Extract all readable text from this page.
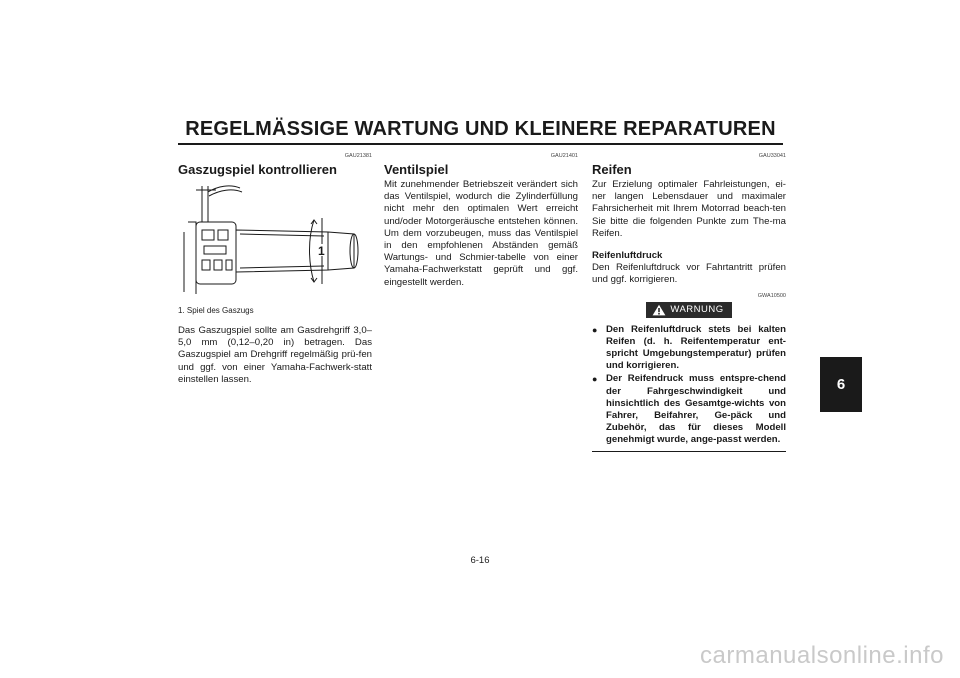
REGELMÄSSIGE WARTUNG UND KLEINERE REPARATUREN
6
GAU21381
Gaszugspiel kontrollieren
1
1. Spiel des Gaszugs

Das Gaszugspiel sollte am Gasdrehgriff 3,0–5,0 mm (0,12–0,20 in) betragen. Das Gaszugspiel am Drehgriff regelmäßig prü-fen und ggf. von einer Yamaha-Fachwerk-statt einstellen lassen.

GAU21401
Ventilspiel

Mit zunehmender Betriebszeit verändert sich das Ventilspiel, wodurch die Zylinderfüllung nicht mehr den optimalen Wert erreicht und/oder Motorgeräusche entstehen können. Um dem vorzubeugen, muss das Ventilspiel in den empfohlenen Abständen gemäß Wartungs- und Schmier-tabelle von einer Yamaha-Fachwerkstatt geprüft und ggf. eingestellt werden.

GAU33041
Reifen

Zur Erzielung optimaler Fahrleistungen, ei-ner langen Lebensdauer und maximaler Fahrsicherheit mit Ihrem Motorrad beach-ten Sie bitte die folgenden Punkte zum The-ma Reifen.

Reifenluftdruck

Den Reifenluftdruck vor Fahrtantritt prüfen und ggf. korrigieren.

GWA10500
WARNUNG
● Den Reifenluftdruck stets bei kalten Reifen (d. h. Reifentemperatur ent-spricht Umgebungstemperatur) prüfen und korrigieren.
● Der Reifendruck muss entspre-chend der Fahrgeschwindigkeit und hinsichtlich des Gesamtge-wichts von Fahrer, Beifahrer, Ge-päck und Zubehör, das für dieses Modell genehmigt wurde, ange-passt werden.
6-16
carmanualsonline.info
